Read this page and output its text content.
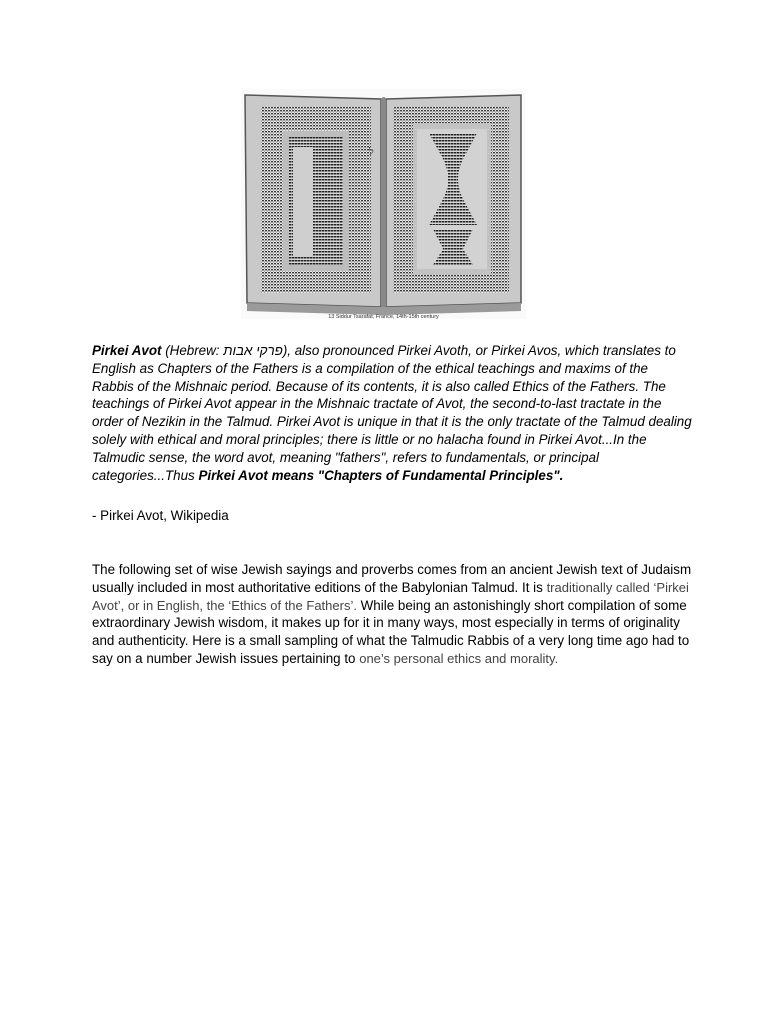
ל
13 Siddur Tsarafat, France, 14th-15th century

Pirkei Avot (Hebrew: פרקי אבות), also pronounced Pirkei Avoth, or Pirkei Avos, which translates to English as Chapters of the Fathers is a compilation of the ethical teachings and maxims of the Rabbis of the Mishnaic period. Because of its contents, it is also called Ethics of the Fathers. The teachings of Pirkei Avot appear in the Mishnaic tractate of Avot, the second-to-last tractate in the order of Nezikin in the Talmud. Pirkei Avot is unique in that it is the only tractate of the Talmud dealing solely with ethical and moral principles; there is little or no halacha found in Pirkei Avot...In the Talmudic sense, the word avot, meaning "fathers", refers to fundamentals, or principal categories...Thus Pirkei Avot means "Chapters of Fundamental Principles".

- Pirkei Avot, Wikipedia

The following set of wise Jewish sayings and proverbs comes from an ancient Jewish text of Judaism usually included in most authoritative editions of the Babylonian Talmud. It is traditionally called ‘Pirkei Avot’, or in English, the ‘Ethics of the Fathers’. While being an astonishingly short compilation of some extraordinary Jewish wisdom, it makes up for it in many ways, most especially in terms of originality and authenticity. Here is a small sampling of what the Talmudic Rabbis of a very long time ago had to say on a number Jewish issues pertaining to one’s personal ethics and morality.
